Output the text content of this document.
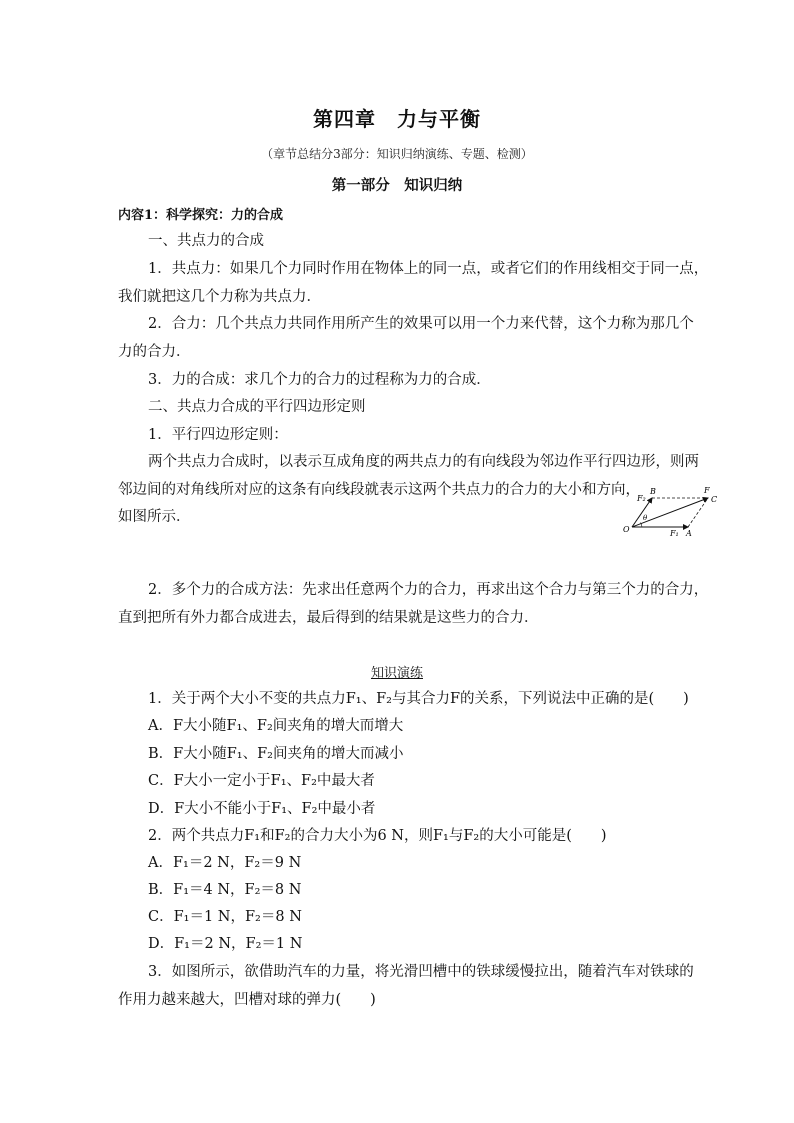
第四章　力与平衡
（章节总结分3部分：知识归纳演练、专题、检测）
第一部分　知识归纳
内容1：科学探究：力的合成
一、共点力的合成
1．共点力：如果几个力同时作用在物体上的同一点，或者它们的作用线相交于同一点，
我们就把这几个力称为共点力．
2．合力：几个共点力共同作用所产生的效果可以用一个力来代替，这个力称为那几个
力的合力．
3．力的合成：求几个力的合力的过程称为力的合成．
二、共点力合成的平行四边形定则
1．平行四边形定则：
两个共点力合成时，以表示互成角度的两共点力的有向线段为邻边作平行四边形，则两
邻边间的对角线所对应的这条有向线段就表示这两个共点力的合力的大小和方向，
如图所示．
F₂
B	F
C
θ
O	F₁ A
2．多个力的合成方法：先求出任意两个力的合力，再求出这个合力与第三个力的合力，
直到把所有外力都合成进去，最后得到的结果就是这些力的合力．
知识演练
1．关于两个大小不变的共点力F₁、F₂与其合力F的关系，下列说法中正确的是(　　)
A．F大小随F₁、F₂间夹角的增大而增大
B．F大小随F₁、F₂间夹角的增大而减小
C．F大小一定小于F₁、F₂中最大者
D．F大小不能小于F₁、F₂中最小者
2．两个共点力F₁和F₂的合力大小为6 N，则F₁与F₂的大小可能是(　　)
A．F₁＝2 N，F₂＝9 N
B．F₁＝4 N，F₂＝8 N
C．F₁＝1 N，F₂＝8 N
D．F₁＝2 N，F₂＝1 N
3．如图所示，欲借助汽车的力量，将光滑凹槽中的铁球缓慢拉出，随着汽车对铁球的
作用力越来越大，凹槽对球的弹力(　　)
